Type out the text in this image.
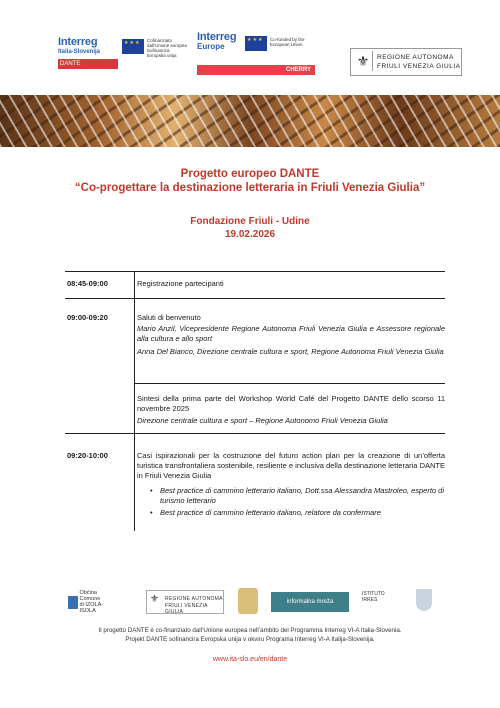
Interreg
Italia-Slovenija
DANTE
★★★
Cofinanziato dall'Unione europea Sofinancira Evropska unija
Interreg
Europe
CHERRY
★★★
Co-funded by the European Union
⚜	REGIONE AUTONOMA
FRIULI VENEZIA GIULIA
Progetto europeo DANTE
“Co-progettare la destinazione letteraria in Friuli Venezia Giulia”
Fondazione Friuli - Udine
19.02.2026
08:45-09:00	Registrazione partecipanti
09:00-09:20	Saluti di benvenuto
Mario Anzil, Vicepresidente Regione Autonoma Friuli Venezia Giulia e Assessore regionale alla cultura e allo sport
Anna Del Bianco, Direzione centrale cultura e sport, Regione Autonoma Friuli Venezia Giulia
Sintesi della prima parte del Workshop World Café del Progetto DANTE dello scorso 11 novembre 2025
Direzione centrale cultura e sport – Regione Autonomo Friuli Venezia Giulia
09:20-10:00	Casi ispirazionali per la costruzione del futuro action plan per la creazione di un’offerta turistica transfrontaliera sostenibile, resiliente e inclusiva della destinazione letteraria DANTE in Friuli Venezia Giulia
• Best practice di cammino letterario italiano, Dott.ssa Alessandra Mastroleo, esperto di turismo letterario
• Best practice di cammino letterario italiano, relatore da confermare
Občina Comune di IZOLA-ISOLA
⚜ REGIONE AUTONOMA
FRIULI VENEZIA GIULIA
informalna mreža
ISTITUTO IRRES
Il progetto DANTE è co-finanziato dall’Unione europea nell’ambito del Programma Interreg VI-A Italia-Slovenia.
Projekt DANTE sofinancira Evropska unija v okviru Programa Interreg VI-A Italija-Slovenija.
www.ita-slo.eu/en/dante
